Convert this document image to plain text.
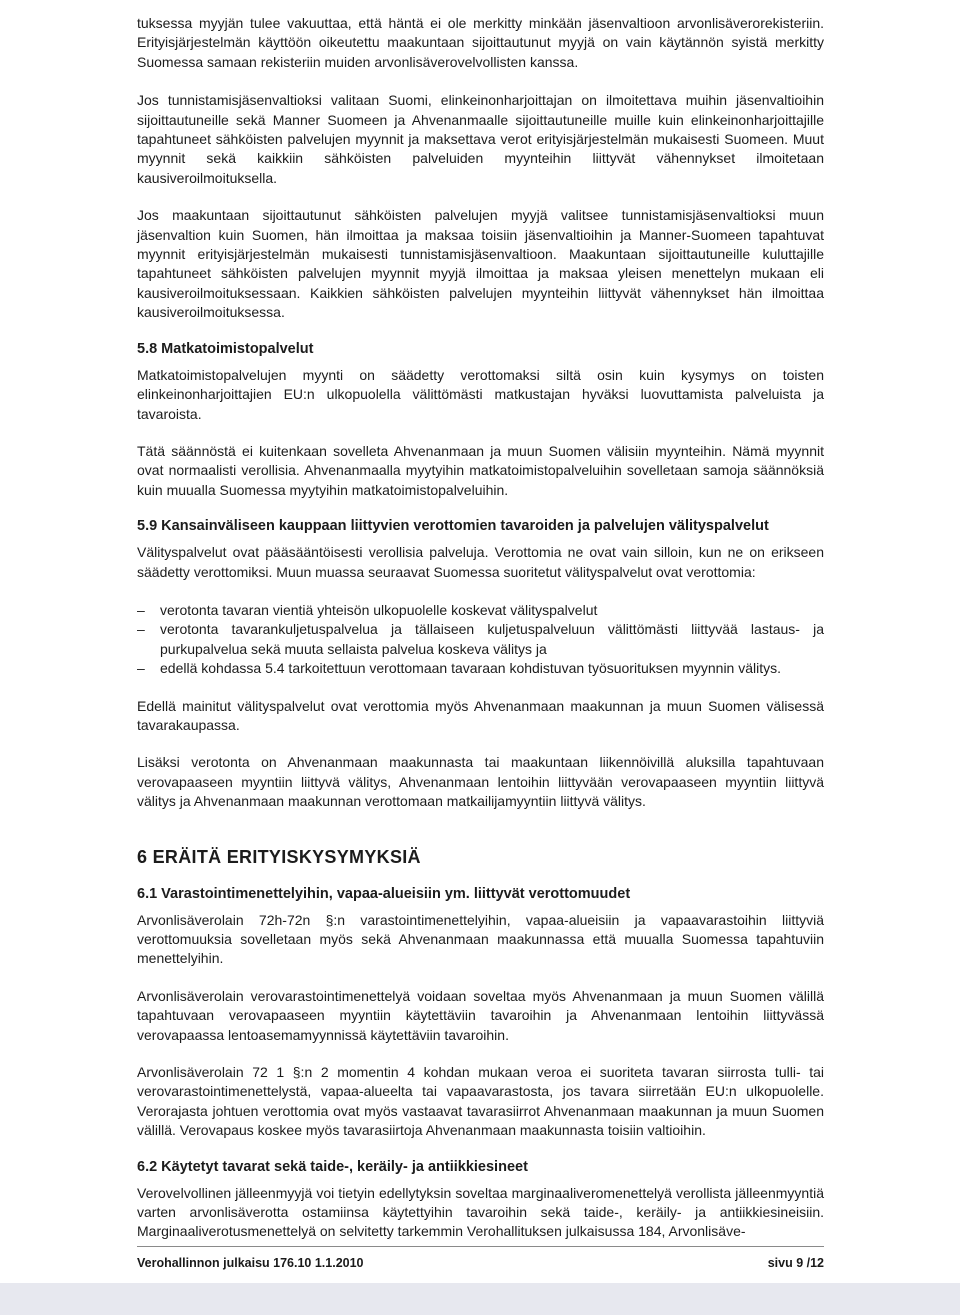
tuksessa myyjän tulee vakuuttaa, että häntä ei ole merkitty minkään jäsenvaltioon arvonlisäverorekisteriin. Erityisjärjestelmän käyttöön oikeutettu maakuntaan sijoittautunut myyjä on vain käytännön syistä merkitty Suomessa samaan rekisteriin muiden arvonlisäverovelvollisten kanssa.

Jos tunnistamisjäsenvaltioksi valitaan Suomi, elinkeinonharjoittajan on ilmoitettava muihin jäsenvaltioihin sijoittautuneille sekä Manner Suomeen ja Ahvenanmaalle sijoittautuneille muille kuin elinkeinonharjoittajille tapahtuneet sähköisten palvelujen myynnit ja maksettava verot erityisjärjestelmän mukaisesti Suomeen. Muut myynnit sekä kaikkiin sähköisten palveluiden myynteihin liittyvät vähennykset ilmoitetaan kausiveroilmoituksella.

Jos maakuntaan sijoittautunut sähköisten palvelujen myyjä valitsee tunnistamisjäsenvaltioksi muun jäsenvaltion kuin Suomen, hän ilmoittaa ja maksaa toisiin jäsenvaltioihin ja Manner-Suomeen tapahtuvat myynnit erityisjärjestelmän mukaisesti tunnistamisjäsenvaltioon. Maakuntaan sijoittautuneille kuluttajille tapahtuneet sähköisten palvelujen myynnit myyjä ilmoittaa ja maksaa yleisen menettelyn mukaan eli kausiveroilmoituksessaan. Kaikkien sähköisten palvelujen myynteihin liittyvät vähennykset hän ilmoittaa kausiveroilmoituksessa.

5.8 Matkatoimistopalvelut

Matkatoimistopalvelujen myynti on säädetty verottomaksi siltä osin kuin kysymys on toisten elinkeinonharjoittajien EU:n ulkopuolella välittömästi matkustajan hyväksi luovuttamista palveluista ja tavaroista.

Tätä säännöstä ei kuitenkaan sovelleta Ahvenanmaan ja muun Suomen välisiin myynteihin. Nämä myynnit ovat normaalisti verollisia. Ahvenanmaalla myytyihin matkatoimistopalveluihin sovelletaan samoja säännöksiä kuin muualla Suomessa myytyihin matkatoimistopalveluihin.

5.9 Kansainväliseen kauppaan liittyvien verottomien tavaroiden ja palvelujen välityspalvelut

Välityspalvelut ovat pääsääntöisesti verollisia palveluja. Verottomia ne ovat vain silloin, kun ne on erikseen säädetty verottomiksi. Muun muassa seuraavat Suomessa suoritetut välityspalvelut ovat verottomia:

– verotonta tavaran vientiä yhteisön ulkopuolelle koskevat välityspalvelut
– verotonta tavarankuljetuspalvelua ja tällaiseen kuljetuspalveluun välittömästi liittyvää lastaus- ja purkupalvelua sekä muuta sellaista palvelua koskeva välitys ja
– edellä kohdassa 5.4 tarkoitettuun verottomaan tavaraan kohdistuvan työsuorituksen myynnin välitys.

Edellä mainitut välityspalvelut ovat verottomia myös Ahvenanmaan maakunnan ja muun Suomen välisessä tavarakaupassa.

Lisäksi verotonta on Ahvenanmaan maakunnasta tai maakuntaan liikennöivillä aluksilla tapahtuvaan verovapaaseen myyntiin liittyvä välitys, Ahvenanmaan lentoihin liittyvään verovapaaseen myyntiin liittyvä välitys ja Ahvenanmaan maakunnan verottomaan matkailijamyyntiin liittyvä välitys.

6 ERÄITÄ ERITYISKYSYMYKSIÄ
6.1 Varastointimenettelyihin, vapaa-alueisiin ym. liittyvät verottomuudet

Arvonlisäverolain 72h-72n §:n varastointimenettelyihin, vapaa-alueisiin ja vapaavarastoihin liittyviä verottomuuksia sovelletaan myös sekä Ahvenanmaan maakunnassa että muualla Suomessa tapahtuviin menettelyihin.

Arvonlisäverolain verovarastointimenettelyä voidaan soveltaa myös Ahvenanmaan ja muun Suomen välillä tapahtuvaan verovapaaseen myyntiin käytettäviin tavaroihin ja Ahvenanmaan lentoihin liittyvässä verovapaassa lentoasemamyynnissä käytettäviin tavaroihin.

Arvonlisäverolain 72 1 §:n 2 momentin 4 kohdan mukaan veroa ei suoriteta tavaran siirrosta tulli- tai verovarastointimenettelystä, vapaa-alueelta tai vapaavarastosta, jos tavara siirretään EU:n ulkopuolelle. Verorajasta johtuen verottomia ovat myös vastaavat tavarasiirrot Ahvenanmaan maakunnan ja muun Suomen välillä. Verovapaus koskee myös tavarasiirtoja Ahvenanmaan maakunnasta toisiin valtioihin.

6.2 Käytetyt tavarat sekä taide-, keräily- ja antiikkiesineet

Verovelvollinen jälleenmyyjä voi tietyin edellytyksin soveltaa marginaaliveromenettelyä verollista jälleenmyyntiä varten arvonlisäverotta ostamiinsa käytettyihin tavaroihin sekä taide-, keräily- ja antiikkiesineisiin. Marginaaliverotusmenettelyä on selvitetty tarkemmin Verohallituksen julkaisussa 184, Arvonlisäve-

Verohallinnon julkaisu 176.10 1.1.2010	sivu 9 /12
